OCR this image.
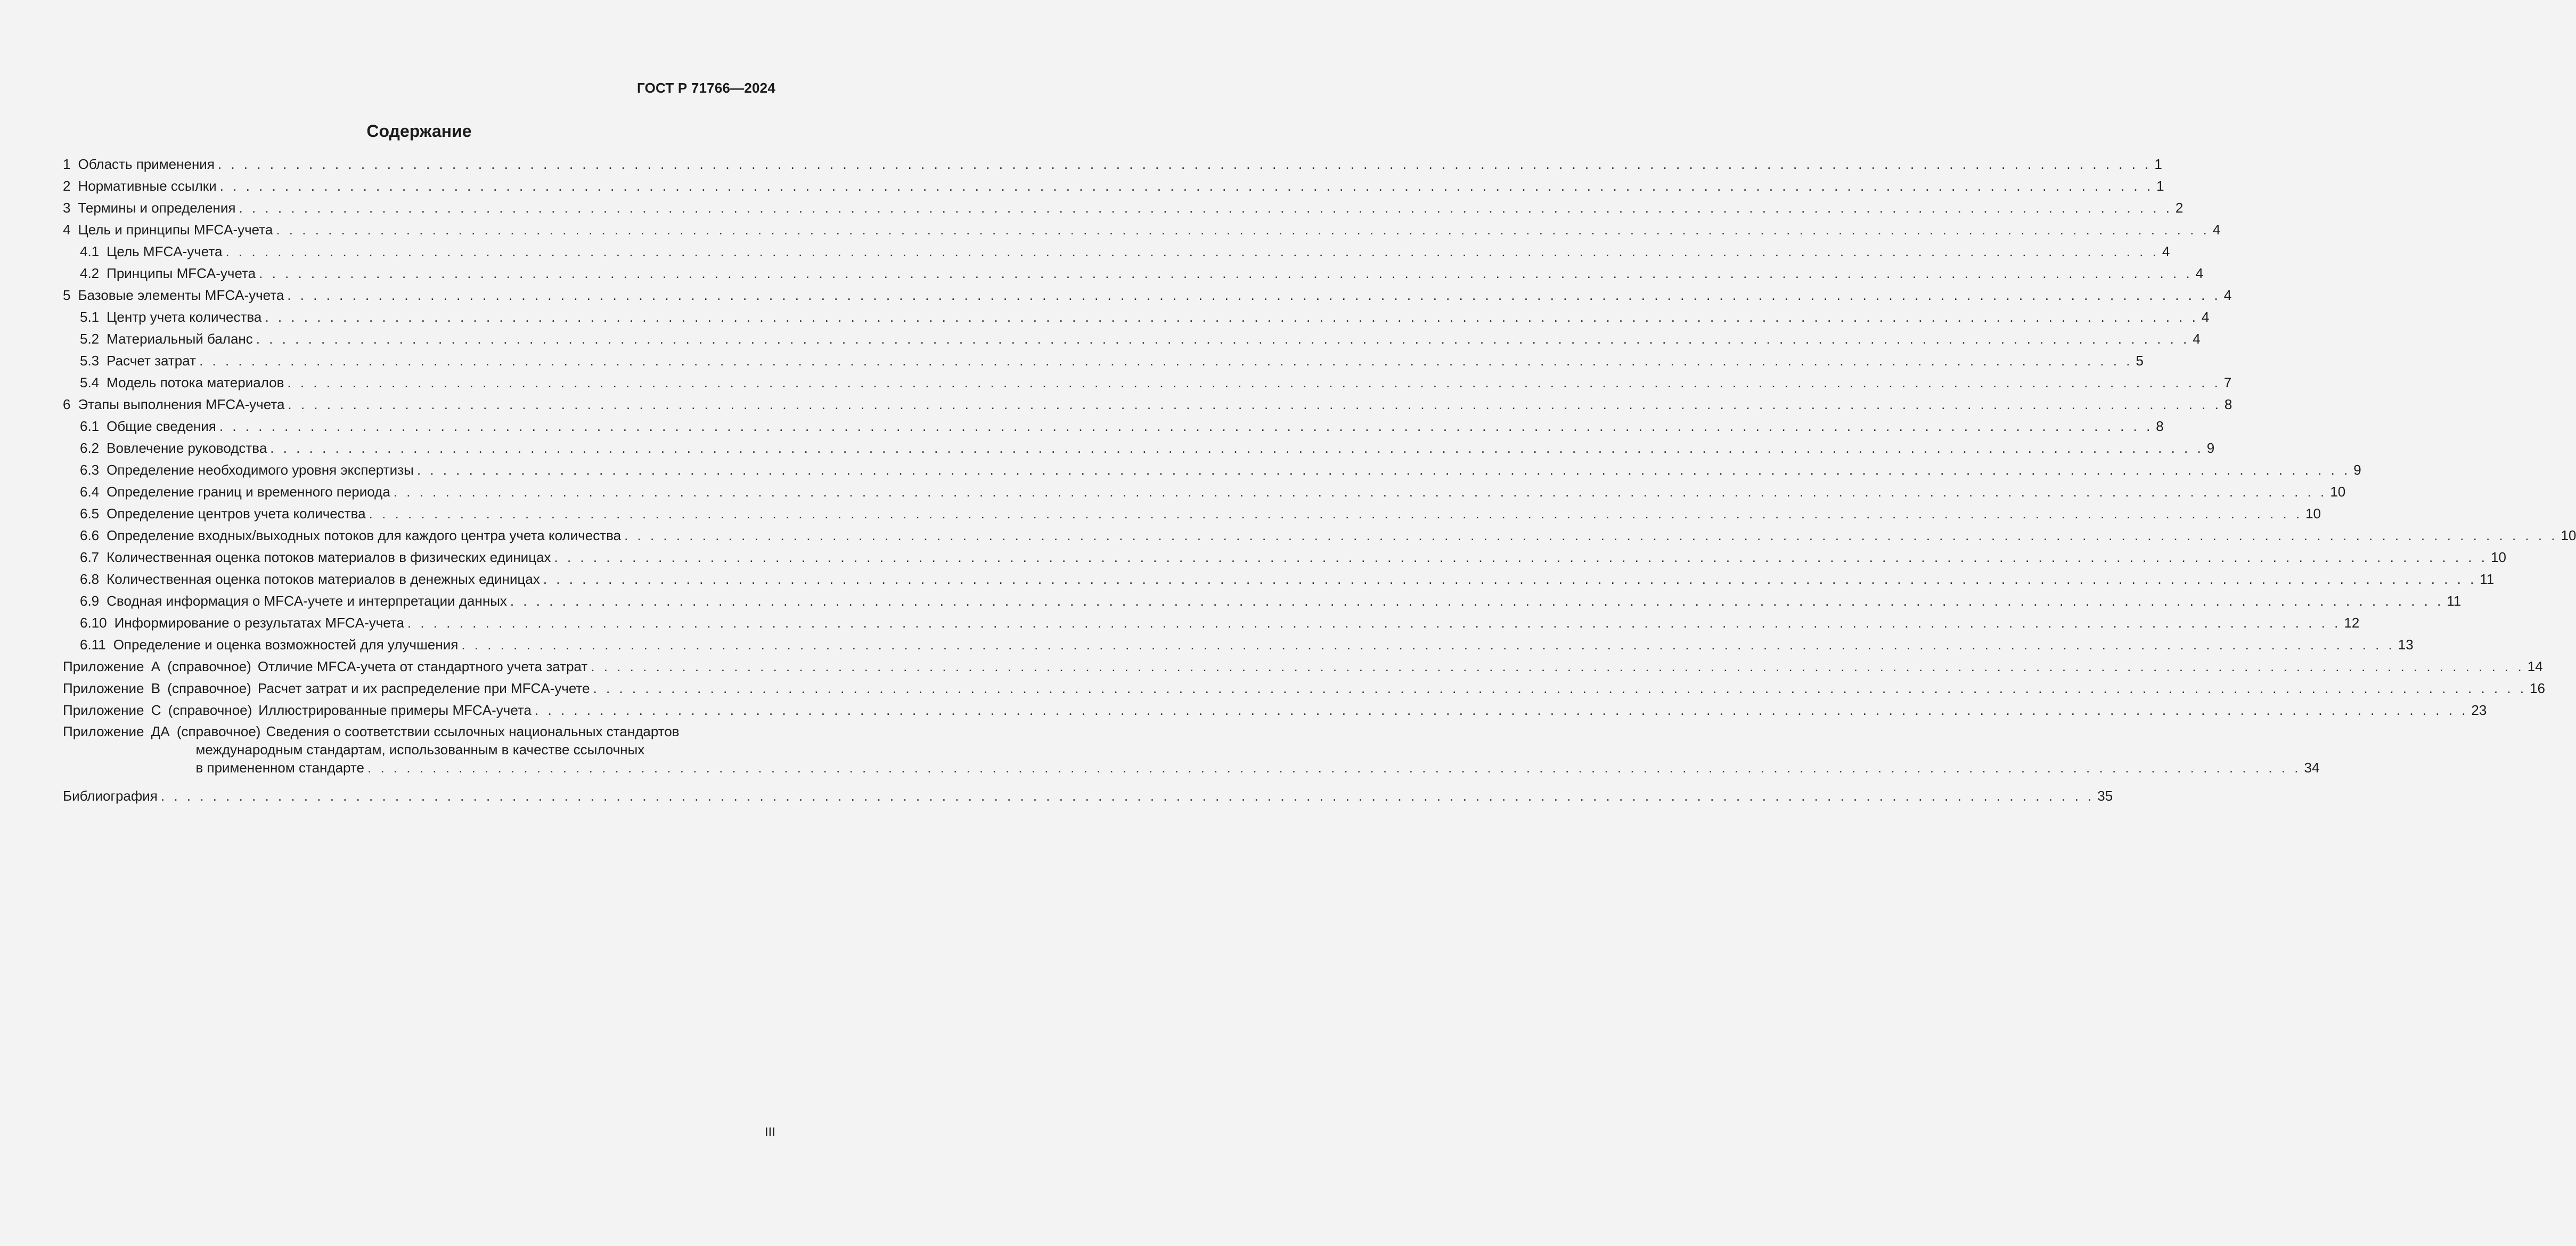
ГОСТ Р 71766—2024
Содержание
1 Область применения . . .	1
2 Нормативные ссылки . . .	1
3 Термины и определения . . .	2
4 Цель и принципы MFCA-учета . . .	4
4.1 Цель MFCA-учета . . .	4
4.2 Принципы MFCA-учета . . .	4
5 Базовые элементы MFCA-учета . . .	4
5.1 Центр учета количества . . .	4
5.2 Материальный баланс . . .	4
5.3 Расчет затрат . . .	5
5.4 Модель потока материалов . . .	7
6 Этапы выполнения MFCA-учета . . .	8
6.1 Общие сведения . . .	8
6.2 Вовлечение руководства . . .	9
6.3 Определение необходимого уровня экспертизы . . .	9
6.4 Определение границ и временного периода . . .	10
6.5 Определение центров учета количества . . .	10
6.6 Определение входных/выходных потоков для каждого центра учета количества . . .	10
6.7 Количественная оценка потоков материалов в физических единицах . . .	10
6.8 Количественная оценка потоков материалов в денежных единицах . . .	11
6.9 Сводная информация о MFCA-учете и интерпретации данных . . .	11
6.10 Информирование о результатах MFCA-учета . . .	12
6.11 Определение и оценка возможностей для улучшения . . .	13
Приложение А (справочное) Отличие MFCA-учета от стандартного учета затрат . . .	14
Приложение В (справочное) Расчет затрат и их распределение при MFCA-учете . . .	16
Приложение С (справочное) Иллюстрированные примеры MFCA-учета . . .	23
Приложение ДА (справочное) Сведения о соответствии ссылочных национальных стандартов
международным стандартам, использованным в качестве ссылочных
в примененном стандарте . . .	34
Библиография . . .	35
III
